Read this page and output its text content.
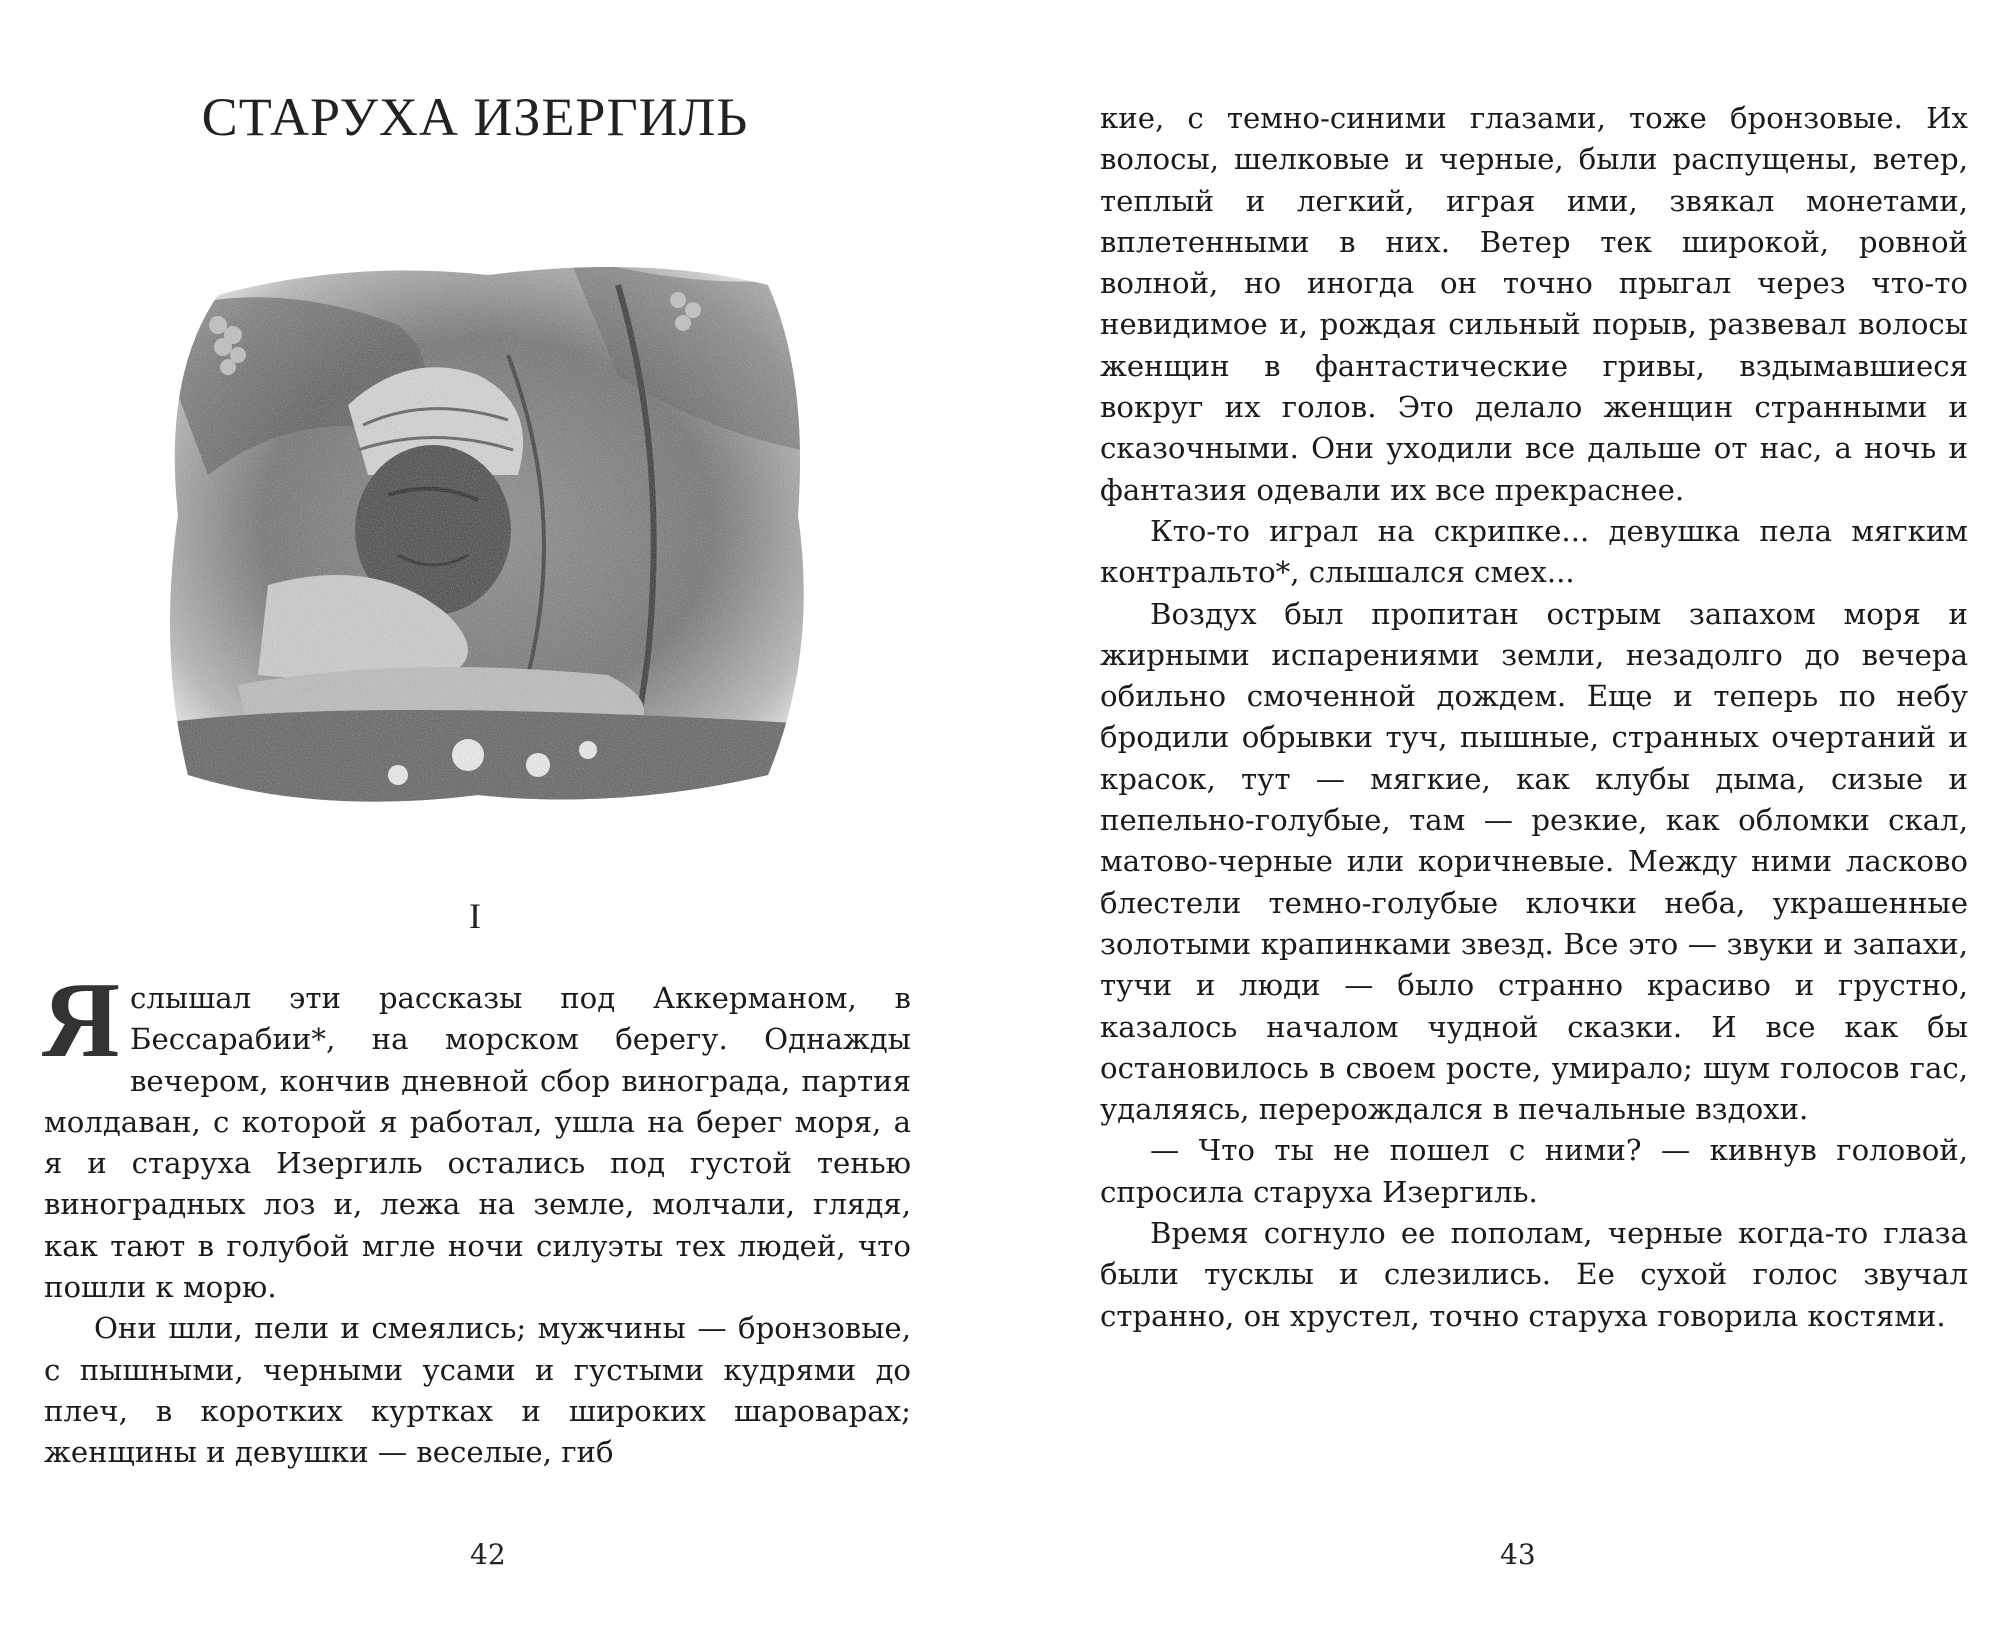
СТАРУХА ИЗЕРГИЛЬ
I

Яслышал эти рассказы под Аккерманом, в Бессарабии*, на морском берегу. Однажды вечером, кончив дневной сбор винограда, партия молдаван, с которой я работал, ушла на берег моря, а я и старуха Изергиль остались под густой тенью виноградных лоз и, лежа на земле, молчали, глядя, как тают в голубой мгле ночи силуэты тех людей, что пошли к морю.

Они шли, пели и смеялись; мужчины — бронзовые, с пышными, черными усами и густыми кудрями до плеч, в коротких куртках и широких шароварах; женщины и девушки — веселые, гиб

42

кие, с темно-синими глазами, тоже бронзовые. Их волосы, шелковые и черные, были распущены, ветер, теплый и легкий, играя ими, звякал монетами, вплетенными в них. Ветер тек широкой, ровной волной, но иногда он точно прыгал через что-то невидимое и, рождая сильный порыв, развевал волосы женщин в фантастические гривы, вздымавшиеся вокруг их голов. Это делало женщин странными и сказочными. Они уходили все дальше от нас, а ночь и фантазия одевали их все прекраснее.

Кто-то играл на скрипке... девушка пела мягким контральто*, слышался смех...

Воздух был пропитан острым запахом моря и жирными испарениями земли, незадолго до вечера обильно смоченной дождем. Еще и теперь по небу бродили обрывки туч, пышные, странных очертаний и красок, тут — мягкие, как клубы дыма, сизые и пепельно-голубые, там — резкие, как обломки скал, матово-черные или коричневые. Между ними ласково блестели темно-голубые клочки неба, украшенные золотыми крапинками звезд. Все это — звуки и запахи, тучи и люди — было странно красиво и грустно, казалось началом чудной сказки. И все как бы остановилось в своем росте, умирало; шум голосов гас, удаляясь, перерождался в печальные вздохи.

— Что ты не пошел с ними? — кивнув головой, спросила старуха Изергиль.

Время согнуло ее пополам, черные когда-то глаза были тусклы и слезились. Ее сухой голос звучал странно, он хрустел, точно старуха говорила костями.

43
